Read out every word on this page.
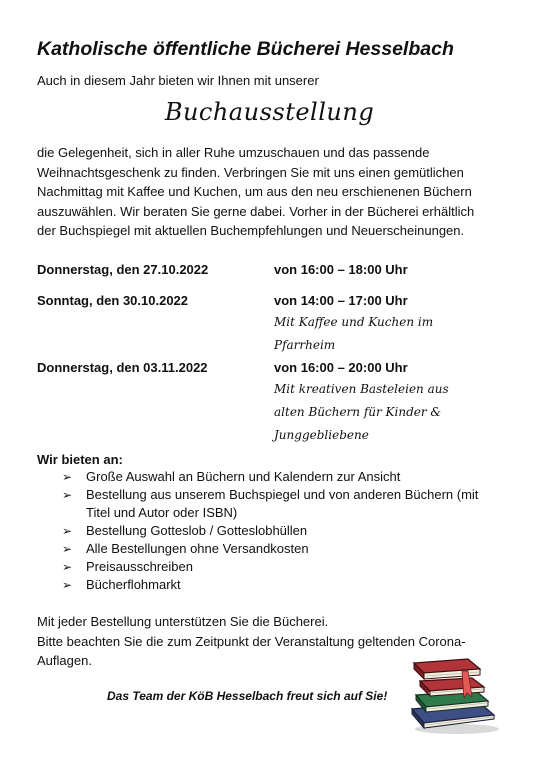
Katholische öffentliche Bücherei Hesselbach
Auch in diesem Jahr bieten wir Ihnen mit unserer
Buchausstellung
die Gelegenheit, sich in aller Ruhe umzuschauen und das passende
Weihnachtsgeschenk zu finden. Verbringen Sie mit uns einen gemütlichen
Nachmittag mit Kaffee und Kuchen, um aus den neu erschienenen Büchern
auszuwählen. Wir beraten Sie gerne dabei. Vorher in der Bücherei erhältlich
der Buchspiegel mit aktuellen Buchempfehlungen und Neuerscheinungen.
Donnerstag, den 27.10.2022	von 16:00 – 18:00 Uhr
Sonntag, den 30.10.2022	von 14:00 – 17:00 Uhr
Mit Kaffee und Kuchen im
Pfarrheim
Donnerstag, den 03.11.2022	von 16:00 – 20:00 Uhr
Mit kreativen Basteleien aus
alten Büchern für Kinder &
Junggebliebene
Wir bieten an:
➢ Große Auswahl an Büchern und Kalendern zur Ansicht
➢ Bestellung aus unserem Buchspiegel und von anderen Büchern (mit Titel und Autor oder ISBN)
➢ Bestellung Gotteslob / Gotteslobhüllen
➢ Alle Bestellungen ohne Versandkosten
➢ Preisausschreiben
➢ Bücherflohmarkt
Mit jeder Bestellung unterstützen Sie die Bücherei.
Bitte beachten Sie die zum Zeitpunkt der Veranstaltung geltenden Corona-Auflagen.
Das Team der KöB Hesselbach freut sich auf Sie!
